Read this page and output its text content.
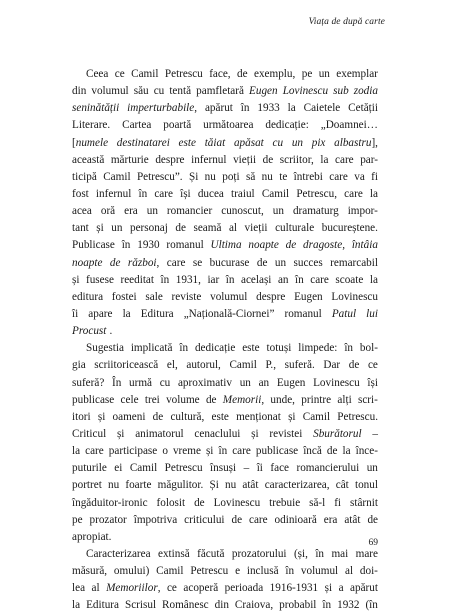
Viața de după carte
Ceea ce Camil Petrescu face, de exemplu, pe un exemplar
din volumul său cu tentă pamfletară Eugen Lovinescu sub zodia
seninătății imperturbabile, apărut în 1933 la Caietele Cetății
Literare. Cartea poartă următoarea dedicație: „Doamnei…
[numele destinatarei este tăiat apăsat cu un pix albastru],
această mărturie despre infernul vieții de scriitor, la care par-
ticipă Camil Petrescu”. Și nu poți să nu te întrebi care va fi
fost infernul în care își ducea traiul Camil Petrescu, care la
acea oră era un romancier cunoscut, un dramaturg impor-
tant și un personaj de seamă al vieții culturale bucureștene.
Publicase în 1930 romanul Ultima noapte de dragoste, întâia
noapte de război, care se bucurase de un succes remarcabil
și fusese reeditat în 1931, iar în același an în care scoate la
editura fostei sale reviste volumul despre Eugen Lovinescu
îi apare la Editura „Națională-Ciornei” romanul Patul lui
Procust .
Sugestia implicată în dedicație este totuși limpede: în bol-
gia scriitoricească el, autorul, Camil P., suferă. Dar de ce
suferă? În urmă cu aproximativ un an Eugen Lovinescu își
publicase cele trei volume de Memorii, unde, printre alți scri-
itori și oameni de cultură, este menționat și Camil Petrescu.
Criticul și animatorul cenaclului și revistei Sburătorul –
la care participase o vreme și în care publicase încă de la înce-
puturile ei Camil Petrescu însuși – îi face romancierului un
portret nu foarte măgulitor. Și nu atât caracterizarea, cât tonul
îngăduitor-ironic folosit de Lovinescu trebuie să-l fi stârnit
pe prozator împotriva criticului de care odinioară era atât de
apropiat.
Caracterizarea extinsă făcută prozatorului (și, în mai mare
măsură, omului) Camil Petrescu e inclusă în volumul al doi-
lea al Memoriilor, ce acoperă perioada 1916-1931 și a apărut
la Editura Scrisul Românesc din Craiova, probabil în 1932 (în
69
